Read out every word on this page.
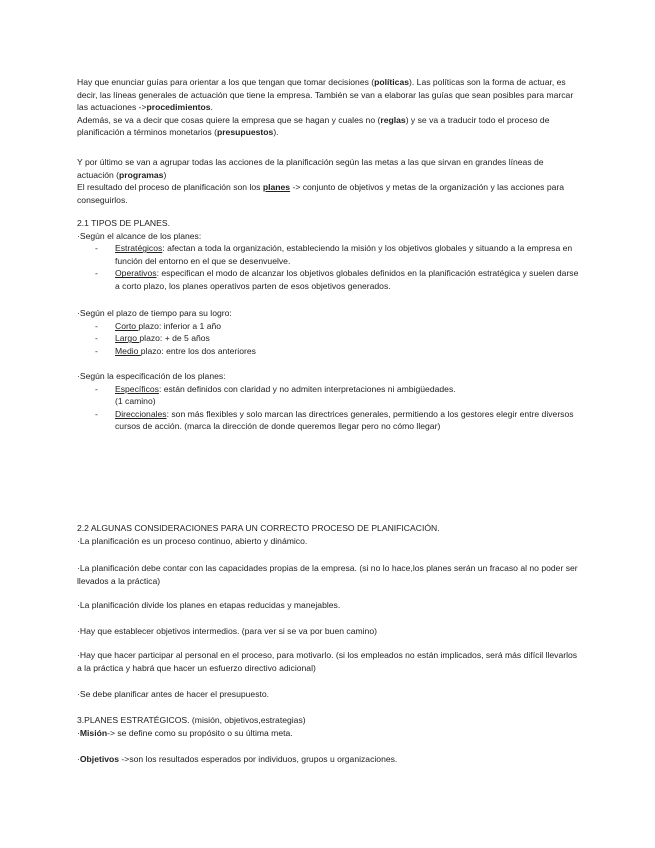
Hay que enunciar guías para orientar a los que tengan que tomar decisiones (políticas). Las políticas son la forma de actuar, es decir, las líneas generales de actuación que tiene la empresa. También se van a elaborar las guías que sean posibles para marcar las actuaciones ->procedimientos.

Además, se va a decir que cosas quiere la empresa que se hagan y cuales no (reglas) y se va a traducir todo el proceso de planificación a términos monetarios (presupuestos).

Y por último se van a agrupar todas las acciones de la planificación según las metas a las que sirvan en grandes líneas de actuación (programas)

El resultado del proceso de planificación son los planes -> conjunto de objetivos y metas de la organización y las acciones para conseguirlos.

2.1 TIPOS DE PLANES.

·Según el alcance de los planes:

- Estratégicos: afectan a toda la organización, estableciendo la misión y los objetivos globales y situando a la empresa en función del entorno en el que se desenvuelve.
- Operativos: especifican el modo de alcanzar los objetivos globales definidos en la planificación estratégica y suelen darse a corto plazo, los planes operativos parten de esos objetivos generados.

·Según el plazo de tiempo para su logro:

- Corto plazo: inferior a 1 año
- Largo plazo: + de 5 años
- Medio plazo: entre los dos anteriores

·Según la especificación de los planes:

- Específicos: están definidos con claridad y no admiten interpretaciones ni ambigüedades.
(1 camino)
- Direccionales: son más flexibles y solo marcan las directrices generales, permitiendo a los gestores elegir entre diversos cursos de acción. (marca la dirección de donde queremos llegar pero no cómo llegar)

2.2 ALGUNAS CONSIDERACIONES PARA UN CORRECTO PROCESO DE PLANIFICACIÓN.

·La planificación es un proceso continuo, abierto y dinámico.

·La planificación debe contar con las capacidades propias de la empresa. (si no lo hace,los planes serán un fracaso al no poder ser llevados a la práctica)

·La planificación divide los planes en etapas reducidas y manejables.

·Hay que establecer objetivos intermedios. (para ver si se va por buen camino)

·Hay que hacer participar al personal en el proceso, para motivarlo. (si los empleados no están implicados, será más difícil llevarlos a la práctica y habrá que hacer un esfuerzo directivo adicional)

·Se debe planificar antes de hacer el presupuesto.

3.PLANES ESTRATÉGICOS. (misión, objetivos,estrategias)

·Misión-> se define como su propósito o su última meta.

·Objetivos ->son los resultados esperados por individuos, grupos u organizaciones.
